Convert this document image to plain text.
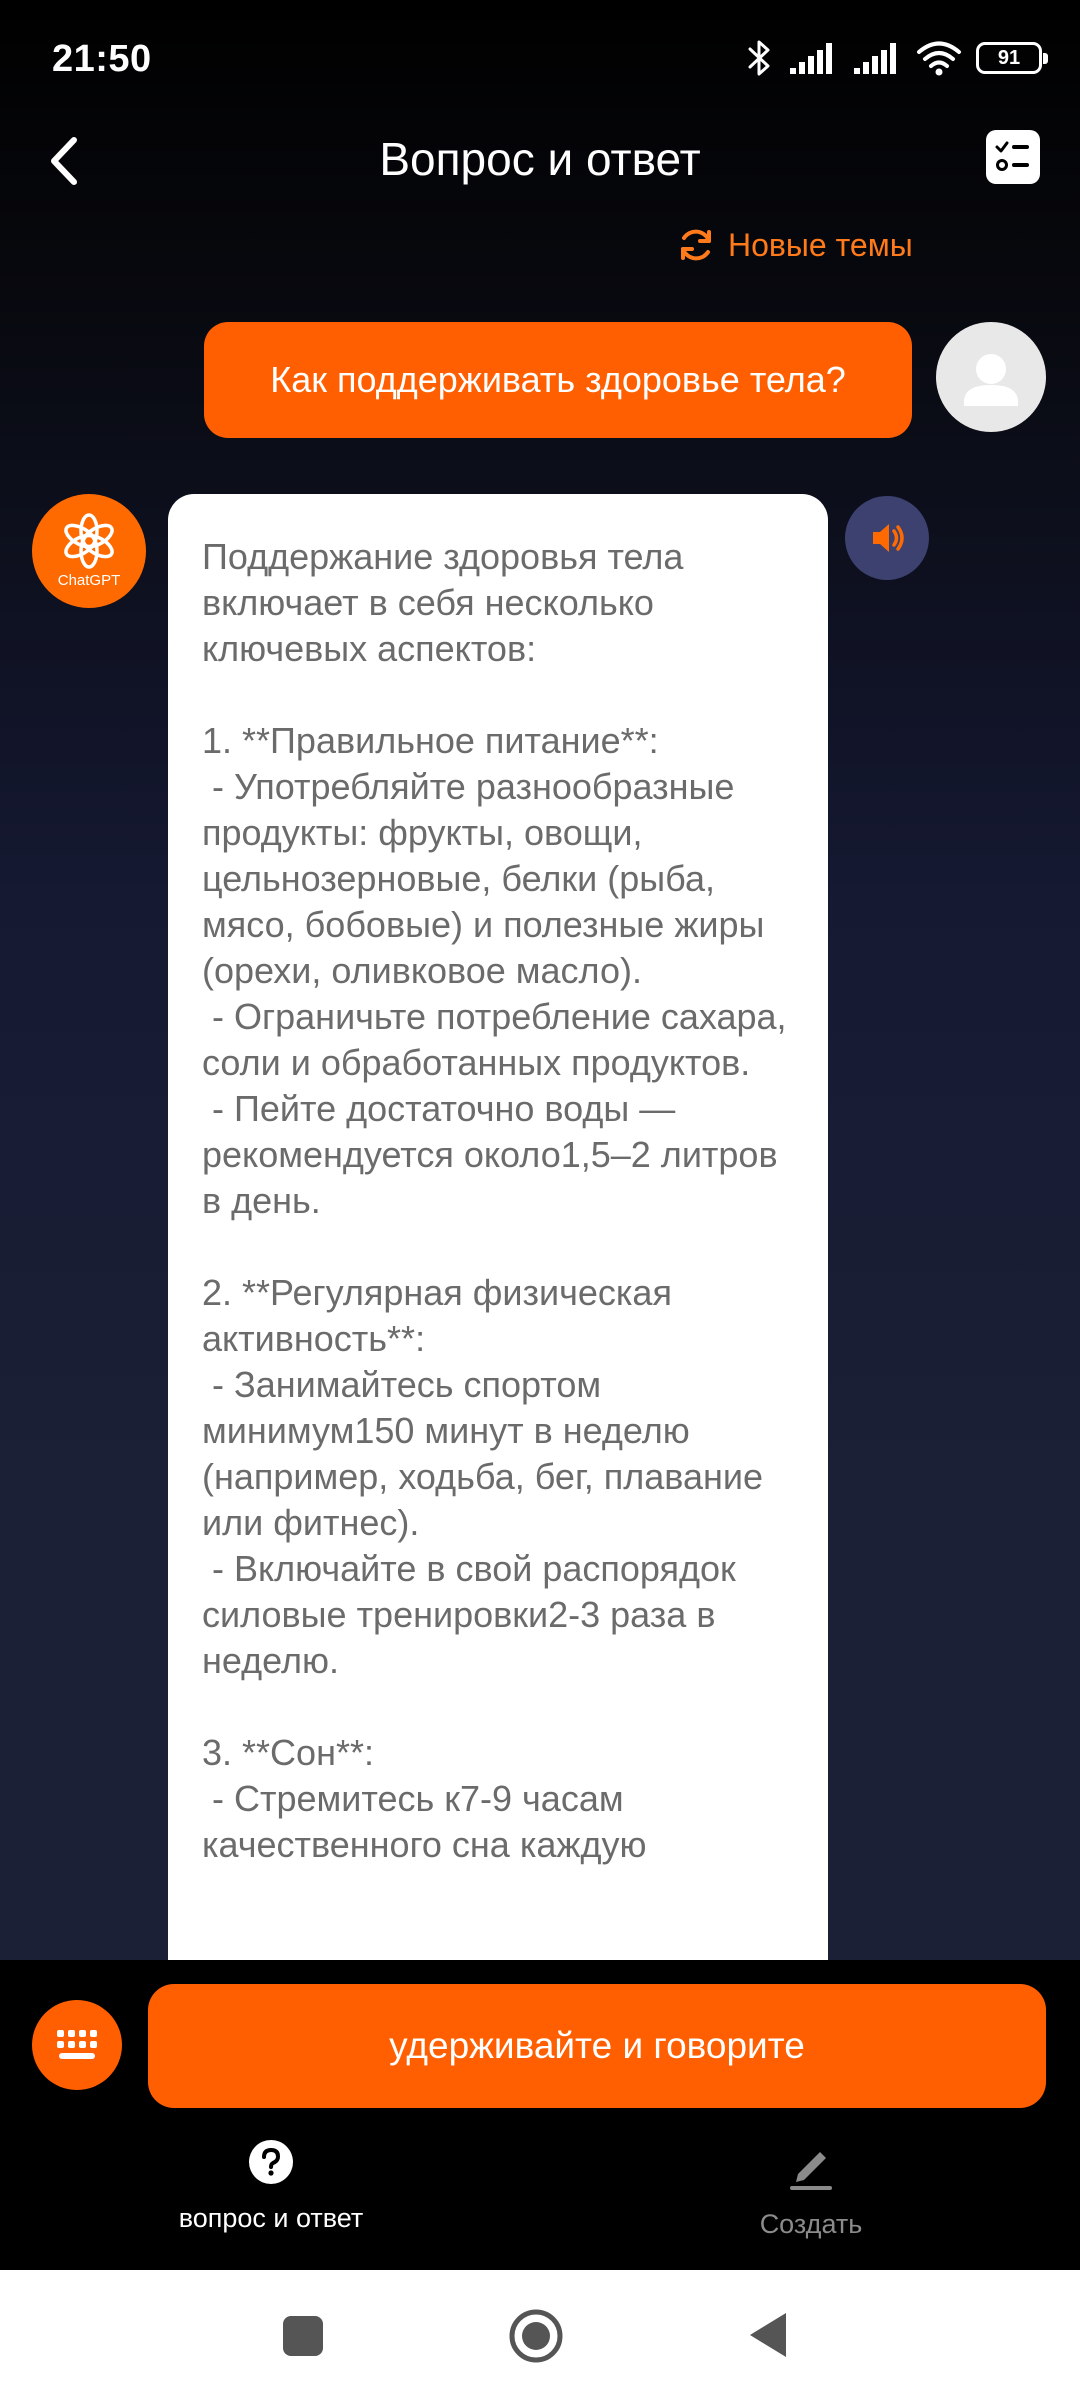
21:50	91
Вопрос и ответ
Новые темы
Как поддерживать здоровье тела?
ChatGPT
Поддержание здоровья тела включает в себя несколько ключевых аспектов:

1. **Правильное питание**:
- Употребляйте разнообразные продукты: фрукты, овощи, цельнозерновые, белки (рыба, мясо, бобовые) и полезные жиры (орехи, оливковое масло).
- Ограничьте потребление сахара, соли и обработанных продуктов.
- Пейте достаточно воды — рекомендуется около1,5–2 литров в день.

2. **Регулярная физическая активность**:
- Занимайтесь спортом минимум150 минут в неделю (например, ходьба, бег, плавание или фитнес).
- Включайте в свой распорядок силовые тренировки2-3 раза в неделю.

3. **Сон**:
- Стремитесь к7-9 часам качественного сна каждую
удерживайте и говорите
вопрос и ответ	Создать
